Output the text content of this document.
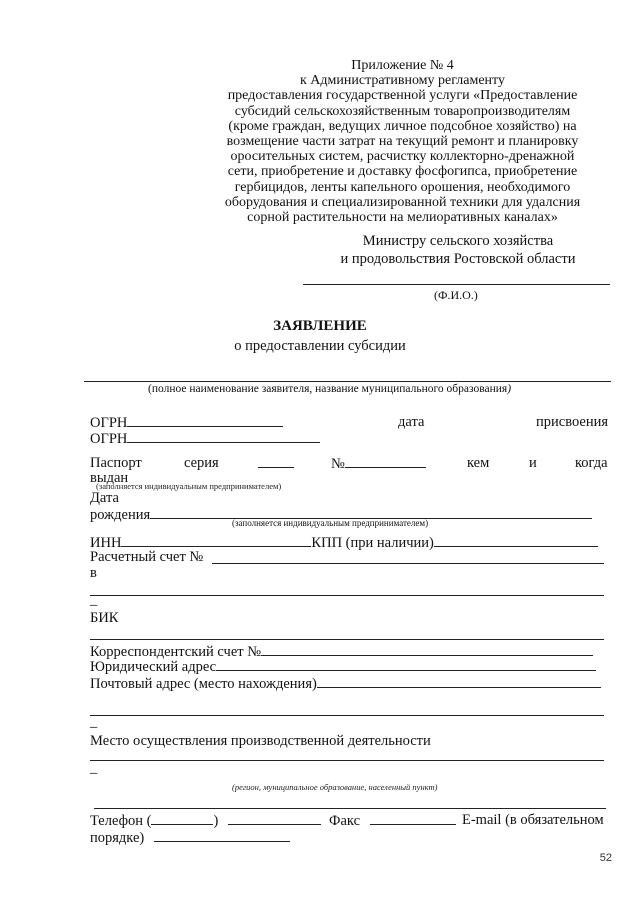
Приложение № 4
к Административному регламенту
предоставления государственной услуги «Предоставление
субсидий сельскохозяйственным товаропроизводителям
(кроме граждан, ведущих личное подсобное хозяйство) на
возмещение части затрат на текущий ремонт и планировку
оросительных систем, расчистку коллекторно-дренажной
сети, приобретение и доставку фосфогипса, приобретение
гербицидов, ленты капельного орошения, необходимого
оборудования и специализированной техники для удалсния
сорной растительности на мелиоративных каналах»
Министру сельского хозяйства
и продовольствия Ростовской области
(Ф.И.О.)
ЗАЯВЛЕНИЕ
о предоставлении субсидии
(полное наименование заявителя, название муниципального образования)
ОГРН	дата	присвоения
ОГРН
Паспорт	серия	№	кем	и	когда
выдан
(заполняется индивидуальным предпринимателем)
Дата
рождения	(заполняется индивидуальным предпринимателем)
ИНН	КПП (при наличии)
Расчетный счет №
в
_
БИК
Корреспондентский счет №
Юридический адрес
Почтовый адрес (место нахождения)
_
Место осуществления производственной деятельности
_
(регион, муниципальное образование, населенный пункт)
Телефон (	)	Факс	E-mail (в обязательном
порядке)
52
